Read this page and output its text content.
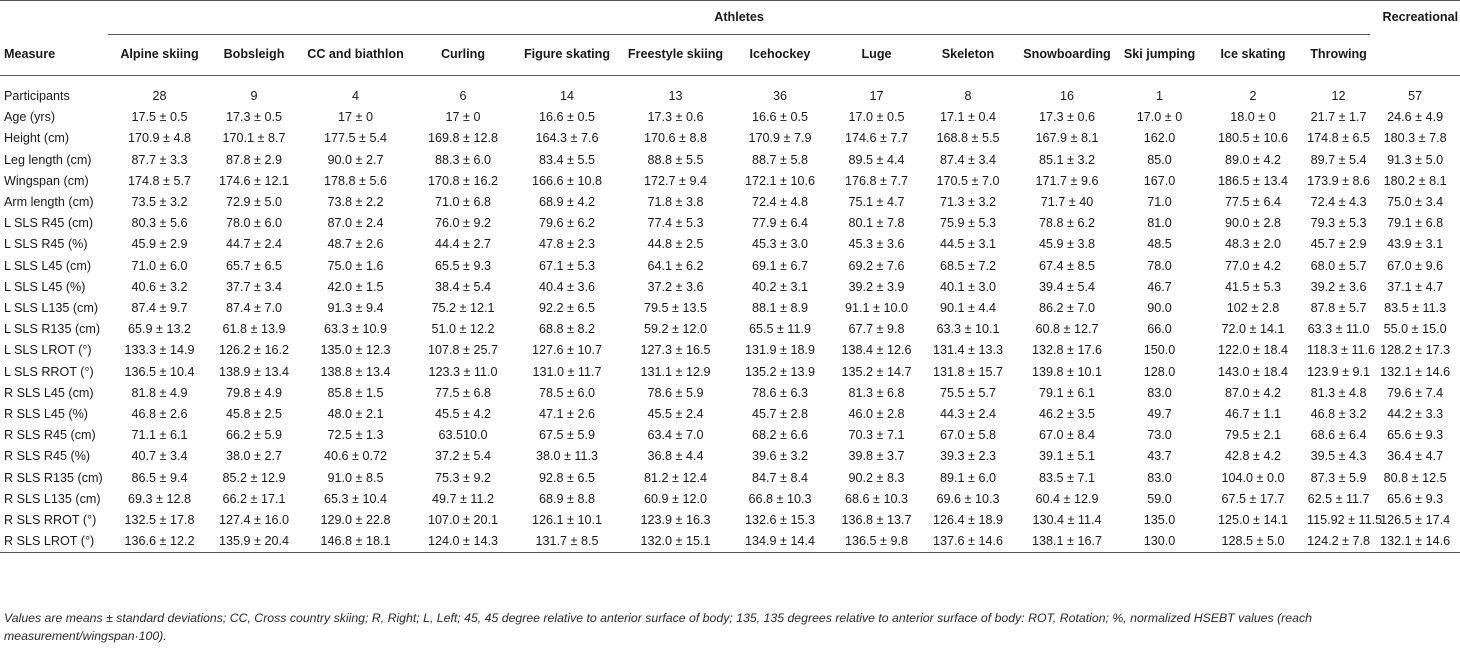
	Athletes													Recreational
Measure	Alpine skiing	Bobsleigh	CC and biathlon	Curling	Figure skating	Freestyle skiing	Icehockey	Luge	Skeleton	Snowboarding	Ski jumping	Ice skating	Throwing	

Participants	28	9	4	6	14	13	36	17	8	16	1	2	12	57
Age (yrs)	17.5 ± 0.5	17.3 ± 0.5	17 ± 0	17 ± 0	16.6 ± 0.5	17.3 ± 0.6	16.6 ± 0.5	17.0 ± 0.5	17.1 ± 0.4	17.3 ± 0.6	17.0 ± 0	18.0 ± 0	21.7 ± 1.7	24.6 ± 4.9
Height (cm)	170.9 ± 4.8	170.1 ± 8.7	177.5 ± 5.4	169.8 ± 12.8	164.3 ± 7.6	170.6 ± 8.8	170.9 ± 7.9	174.6 ± 7.7	168.8 ± 5.5	167.9 ± 8.1	162.0	180.5 ± 10.6	174.8 ± 6.5	180.3 ± 7.8
Leg length (cm)	87.7 ± 3.3	87.8 ± 2.9	90.0 ± 2.7	88.3 ± 6.0	83.4 ± 5.5	88.8 ± 5.5	88.7 ± 5.8	89.5 ± 4.4	87.4 ± 3.4	85.1 ± 3.2	85.0	89.0 ± 4.2	89.7 ± 5.4	91.3 ± 5.0
Wingspan (cm)	174.8 ± 5.7	174.6 ± 12.1	178.8 ± 5.6	170.8 ± 16.2	166.6 ± 10.8	172.7 ± 9.4	172.1 ± 10.6	176.8 ± 7.7	170.5 ± 7.0	171.7 ± 9.6	167.0	186.5 ± 13.4	173.9 ± 8.6	180.2 ± 8.1
Arm length (cm)	73.5 ± 3.2	72.9 ± 5.0	73.8 ± 2.2	71.0 ± 6.8	68.9 ± 4.2	71.8 ± 3.8	72.4 ± 4.8	75.1 ± 4.7	71.3 ± 3.2	71.7 ± 40	71.0	77.5 ± 6.4	72.4 ± 4.3	75.0 ± 3.4
L SLS R45 (cm)	80.3 ± 5.6	78.0 ± 6.0	87.0 ± 2.4	76.0 ± 9.2	79.6 ± 6.2	77.4 ± 5.3	77.9 ± 6.4	80.1 ± 7.8	75.9 ± 5.3	78.8 ± 6.2	81.0	90.0 ± 2.8	79.3 ± 5.3	79.1 ± 6.8
L SLS R45 (%)	45.9 ± 2.9	44.7 ± 2.4	48.7 ± 2.6	44.4 ± 2.7	47.8 ± 2.3	44.8 ± 2.5	45.3 ± 3.0	45.3 ± 3.6	44.5 ± 3.1	45.9 ± 3.8	48.5	48.3 ± 2.0	45.7 ± 2.9	43.9 ± 3.1
L SLS L45 (cm)	71.0 ± 6.0	65.7 ± 6.5	75.0 ± 1.6	65.5 ± 9.3	67.1 ± 5.3	64.1 ± 6.2	69.1 ± 6.7	69.2 ± 7.6	68.5 ± 7.2	67.4 ± 8.5	78.0	77.0 ± 4.2	68.0 ± 5.7	67.0 ± 9.6
L SLS L45 (%)	40.6 ± 3.2	37.7 ± 3.4	42.0 ± 1.5	38.4 ± 5.4	40.4 ± 3.6	37.2 ± 3.6	40.2 ± 3.1	39.2 ± 3.9	40.1 ± 3.0	39.4 ± 5.4	46.7	41.5 ± 5.3	39.2 ± 3.6	37.1 ± 4.7
L SLS L135 (cm)	87.4 ± 9.7	87.4 ± 7.0	91.3 ± 9.4	75.2 ± 12.1	92.2 ± 6.5	79.5 ± 13.5	88.1 ± 8.9	91.1 ± 10.0	90.1 ± 4.4	86.2 ± 7.0	90.0	102 ± 2.8	87.8 ± 5.7	83.5 ± 11.3
L SLS R135 (cm)	65.9 ± 13.2	61.8 ± 13.9	63.3 ± 10.9	51.0 ± 12.2	68.8 ± 8.2	59.2 ± 12.0	65.5 ± 11.9	67.7 ± 9.8	63.3 ± 10.1	60.8 ± 12.7	66.0	72.0 ± 14.1	63.3 ± 11.0	55.0 ± 15.0
L SLS LROT (°)	133.3 ± 14.9	126.2 ± 16.2	135.0 ± 12.3	107.8 ± 25.7	127.6 ± 10.7	127.3 ± 16.5	131.9 ± 18.9	138.4 ± 12.6	131.4 ± 13.3	132.8 ± 17.6	150.0	122.0 ± 18.4	118.3 ± 11.6	128.2 ± 17.3
L SLS RROT (°)	136.5 ± 10.4	138.9 ± 13.4	138.8 ± 13.4	123.3 ± 11.0	131.0 ± 11.7	131.1 ± 12.9	135.2 ± 13.9	135.2 ± 14.7	131.8 ± 15.7	139.8 ± 10.1	128.0	143.0 ± 18.4	123.9 ± 9.1	132.1 ± 14.6
R SLS L45 (cm)	81.8 ± 4.9	79.8 ± 4.9	85.8 ± 1.5	77.5 ± 6.8	78.5 ± 6.0	78.6 ± 5.9	78.6 ± 6.3	81.3 ± 6.8	75.5 ± 5.7	79.1 ± 6.1	83.0	87.0 ± 4.2	81.3 ± 4.8	79.6 ± 7.4
R SLS L45 (%)	46.8 ± 2.6	45.8 ± 2.5	48.0 ± 2.1	45.5 ± 4.2	47.1 ± 2.6	45.5 ± 2.4	45.7 ± 2.8	46.0 ± 2.8	44.3 ± 2.4	46.2 ± 3.5	49.7	46.7 ± 1.1	46.8 ± 3.2	44.2 ± 3.3
R SLS R45 (cm)	71.1 ± 6.1	66.2 ± 5.9	72.5 ± 1.3	63.510.0	67.5 ± 5.9	63.4 ± 7.0	68.2 ± 6.6	70.3 ± 7.1	67.0 ± 5.8	67.0 ± 8.4	73.0	79.5 ± 2.1	68.6 ± 6.4	65.6 ± 9.3
R SLS R45 (%)	40.7 ± 3.4	38.0 ± 2.7	40.6 ± 0.72	37.2 ± 5.4	38.0 ± 11.3	36.8 ± 4.4	39.6 ± 3.2	39.8 ± 3.7	39.3 ± 2.3	39.1 ± 5.1	43.7	42.8 ± 4.2	39.5 ± 4.3	36.4 ± 4.7
R SLS R135 (cm)	86.5 ± 9.4	85.2 ± 12.9	91.0 ± 8.5	75.3 ± 9.2	92.8 ± 6.5	81.2 ± 12.4	84.7 ± 8.4	90.2 ± 8.3	89.1 ± 6.0	83.5 ± 7.1	83.0	104.0 ± 0.0	87.3 ± 5.9	80.8 ± 12.5
R SLS L135 (cm)	69.3 ± 12.8	66.2 ± 17.1	65.3 ± 10.4	49.7 ± 11.2	68.9 ± 8.8	60.9 ± 12.0	66.8 ± 10.3	68.6 ± 10.3	69.6 ± 10.3	60.4 ± 12.9	59.0	67.5 ± 17.7	62.5 ± 11.7	65.6 ± 9.3
R SLS RROT (°)	132.5 ± 17.8	127.4 ± 16.0	129.0 ± 22.8	107.0 ± 20.1	126.1 ± 10.1	123.9 ± 16.3	132.6 ± 15.3	136.8 ± 13.7	126.4 ± 18.9	130.4 ± 11.4	135.0	125.0 ± 14.1	115.92 ± 11.5	126.5 ± 17.4
R SLS LROT (°)	136.6 ± 12.2	135.9 ± 20.4	146.8 ± 18.1	124.0 ± 14.3	131.7 ± 8.5	132.0 ± 15.1	134.9 ± 14.4	136.5 ± 9.8	137.6 ± 14.6	138.1 ± 16.7	130.0	128.5 ± 5.0	124.2 ± 7.8	132.1 ± 14.6
Values are means ± standard deviations; CC, Cross country skiing; R, Right; L, Left; 45, 45 degree relative to anterior surface of body; 135, 135 degrees relative to anterior surface of body: ROT, Rotation; %, normalized HSEBT values (reach measurement/wingspan·100).
